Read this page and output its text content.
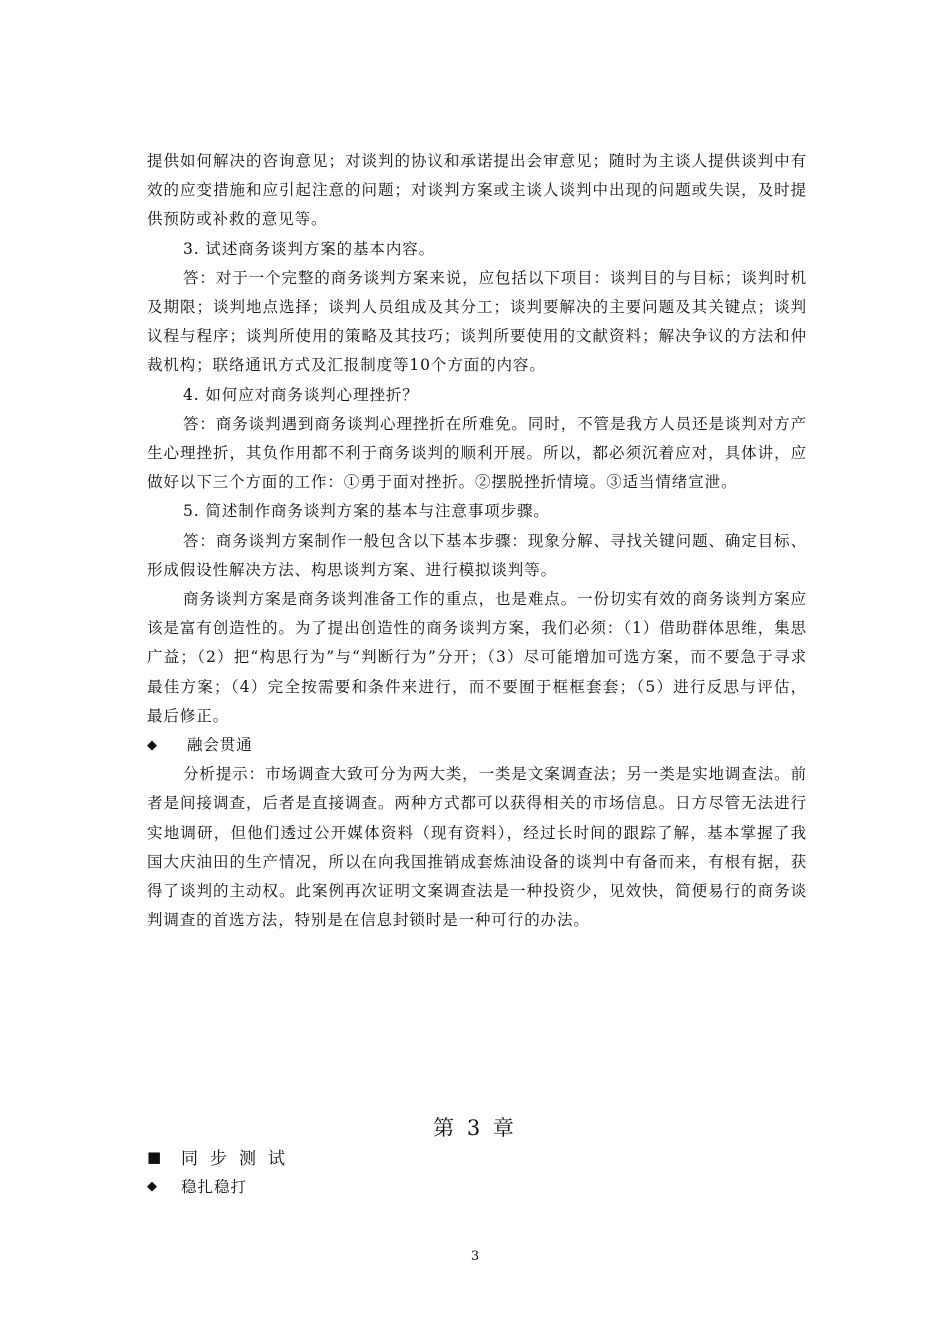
提供如何解决的咨询意见；对谈判的协议和承诺提出会审意见；随时为主谈人提供谈判中有效的应变措施和应引起注意的问题；对谈判方案或主谈人谈判中出现的问题或失误，及时提供预防或补救的意见等。

3. 试述商务谈判方案的基本内容。

答：对于一个完整的商务谈判方案来说，应包括以下项目：谈判目的与目标；谈判时机及期限；谈判地点选择；谈判人员组成及其分工；谈判要解决的主要问题及其关键点；谈判议程与程序；谈判所使用的策略及其技巧；谈判所要使用的文献资料；解决争议的方法和仲裁机构；联络通讯方式及汇报制度等10个方面的内容。

4. 如何应对商务谈判心理挫折？

答：商务谈判遇到商务谈判心理挫折在所难免。同时，不管是我方人员还是谈判对方产生心理挫折，其负作用都不利于商务谈判的顺利开展。所以，都必须沉着应对，具体讲，应做好以下三个方面的工作：①勇于面对挫折。②摆脱挫折情境。③适当情绪宣泄。

5. 简述制作商务谈判方案的基本与注意事项步骤。

答：商务谈判方案制作一般包含以下基本步骤：现象分解、寻找关键问题、确定目标、形成假设性解决方法、构思谈判方案、进行模拟谈判等。

商务谈判方案是商务谈判准备工作的重点，也是难点。一份切实有效的商务谈判方案应该是富有创造性的。为了提出创造性的商务谈判方案，我们必须：（1）借助群体思维，集思广益；（2）把“构思行为”与“判断行为”分开；（3）尽可能增加可选方案，而不要急于寻求最佳方案；（4）完全按需要和条件来进行，而不要囿于框框套套；（5）进行反思与评估，最后修正。

◆	融会贯通

分析提示：市场调查大致可分为两大类，一类是文案调查法；另一类是实地调查法。前者是间接调查，后者是直接调查。两种方式都可以获得相关的市场信息。日方尽管无法进行实地调研，但他们透过公开媒体资料（现有资料），经过长时间的跟踪了解，基本掌握了我国大庆油田的生产情况，所以在向我国推销成套炼油设备的谈判中有备而来，有根有据，获得了谈判的主动权。此案例再次证明文案调查法是一种投资少，见效快，简便易行的商务谈判调查的首选方法，特别是在信息封锁时是一种可行的办法。

第 3 章
■	同步测试
◆	稳扎稳打
3
